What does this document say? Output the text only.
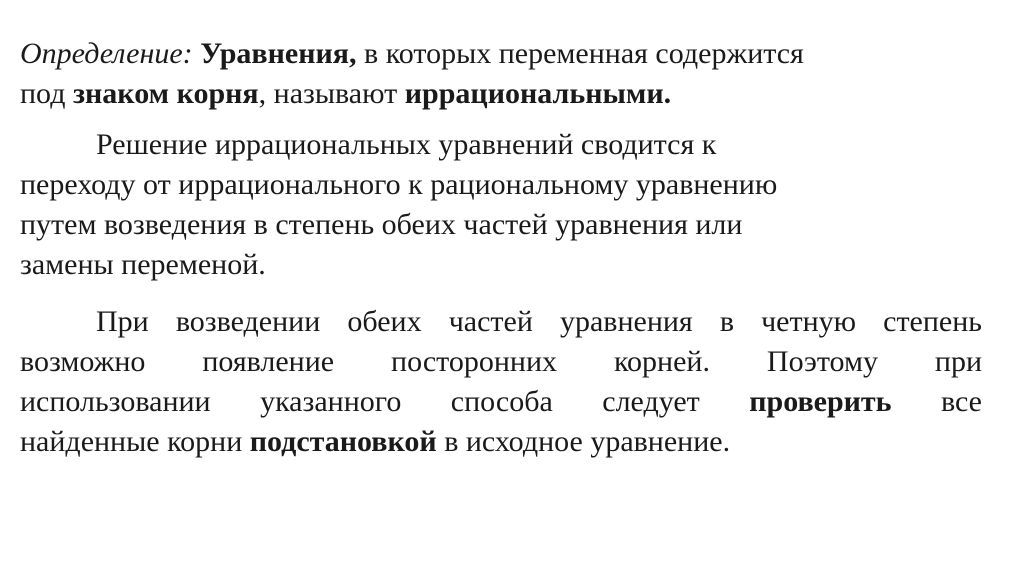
Определение: Уравнения, в которых переменная содержится
под знаком корня, называют иррациональными.

Решение иррациональных уравнений сводится к
переходу от иррационального к рациональному уравнению
путем возведения в степень обеих частей уравнения или
замены переменой.

При возведении обеих частей уравнения в четную степень
возможно появление посторонних корней. Поэтому при
использовании указанного способа следует проверить все
найденные корни подстановкой в исходное уравнение.
